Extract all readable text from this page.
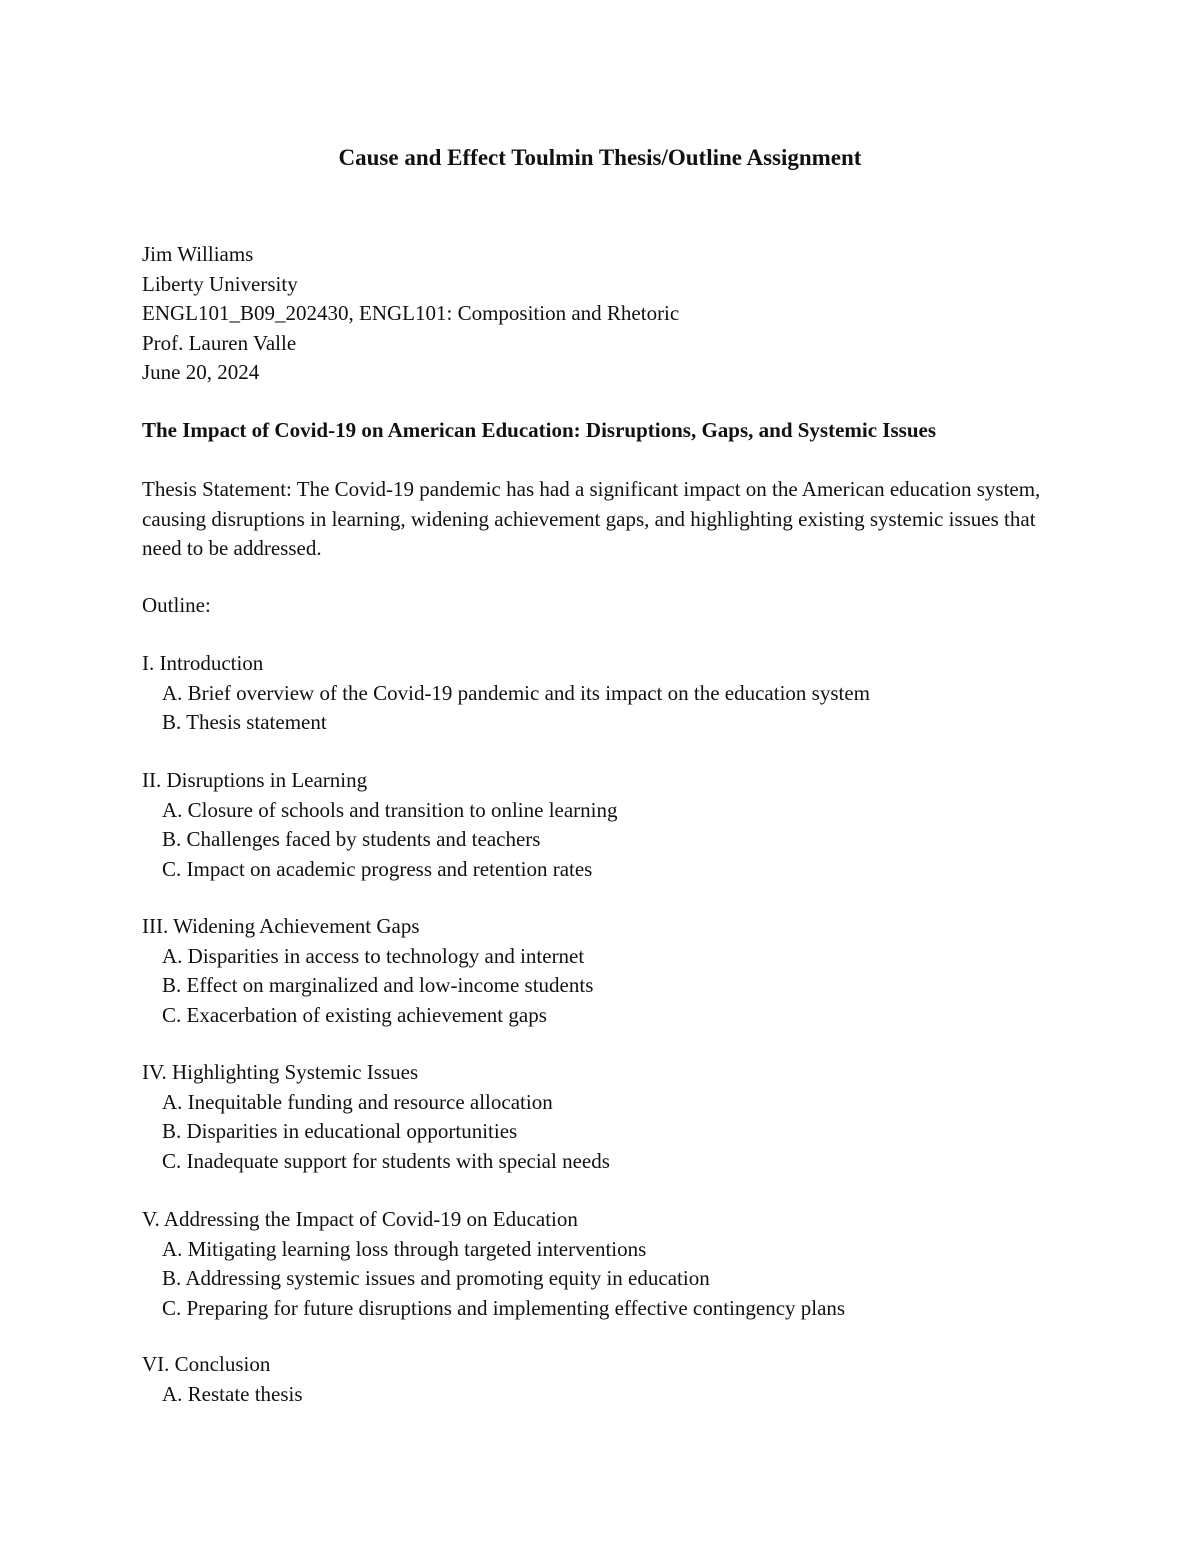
Cause and Effect Toulmin Thesis/Outline Assignment
Jim Williams
Liberty University
ENGL101_B09_202430, ENGL101: Composition and Rhetoric
Prof. Lauren Valle
June 20, 2024
The Impact of Covid-19 on American Education: Disruptions, Gaps, and Systemic Issues
Thesis Statement: The Covid-19 pandemic has had a significant impact on the American education system, causing disruptions in learning, widening achievement gaps, and highlighting existing systemic issues that need to be addressed.
Outline:
I. Introduction
A. Brief overview of the Covid-19 pandemic and its impact on the education system
B. Thesis statement
II. Disruptions in Learning
A. Closure of schools and transition to online learning
B. Challenges faced by students and teachers
C. Impact on academic progress and retention rates
III. Widening Achievement Gaps
A. Disparities in access to technology and internet
B. Effect on marginalized and low-income students
C. Exacerbation of existing achievement gaps
IV. Highlighting Systemic Issues
A. Inequitable funding and resource allocation
B. Disparities in educational opportunities
C. Inadequate support for students with special needs
V. Addressing the Impact of Covid-19 on Education
A. Mitigating learning loss through targeted interventions
B. Addressing systemic issues and promoting equity in education
C. Preparing for future disruptions and implementing effective contingency plans
VI. Conclusion
A. Restate thesis
